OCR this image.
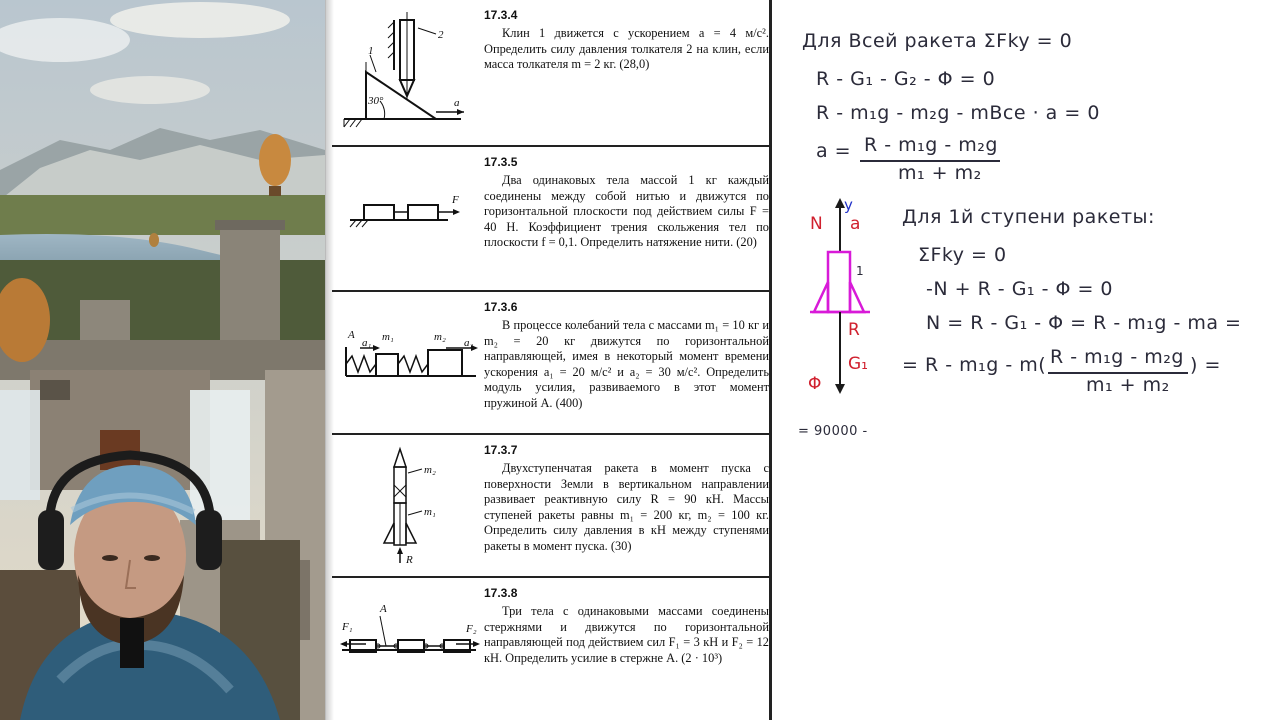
1
2
30°	a
17.3.4
Клин 1 движется с ускорением a = 4 м/с². Определить силу давления толкателя 2 на клин, если масса толкателя m = 2 кг. (28,0)
F
17.3.5
Два одинаковых тела массой 1 кг каждый соединены между собой нитью и движутся по горизонтальной плоскости под действием силы F = 40 Н. Коэффициент трения скольжения тел по плоскости f = 0,1. Определить натяжение нити. (20)
A
a₁ m₁	m₂ a₂
17.3.6
В процессе колебаний тела с массами m₁ = 10 кг и m₂ = 20 кг движутся по горизонтальной направляющей, имея в некоторый момент времени ускорения a₁ = 20 м/с² и a₂ = 30 м/с². Определить модуль усилия, развиваемого в этот момент пружиной A. (400)
m₂
m₁
R
17.3.7
Двухступенчатая ракета в момент пуска с поверхности Земли в вертикальном направлении развивает реактивную силу R = 90 кН. Массы ступеней ракеты равны m₁ = 200 кг, m₂ = 100 кг. Определить силу давления в кН между ступенями ракеты в момент пуска. (30)
F₁
A
F₂
17.3.8
Три тела с одинаковыми массами соединены стержнями и движутся по горизонтальной направляющей под действием сил F₁ = 3 кН и F₂ = 12 кН. Определить усилие в стержне A. (2 · 10³)
Для Всей ракета ΣFky = 0
R - G₁ - G₂ - Φ = 0
R - m₁g - m₂g - mВсе · a = 0
a = R - m₁g - m₂g
m₁ + m₂
N
y
a
1
R
G₁
Φ
Для 1й ступени ракеты:
ΣFky = 0
-N + R - G₁ - Φ = 0
N = R - G₁ - Φ = R - m₁g - ma =
= R - m₁g - m( R - m₁g - m₂g
m₁ + m₂
) =
= 90000 -
